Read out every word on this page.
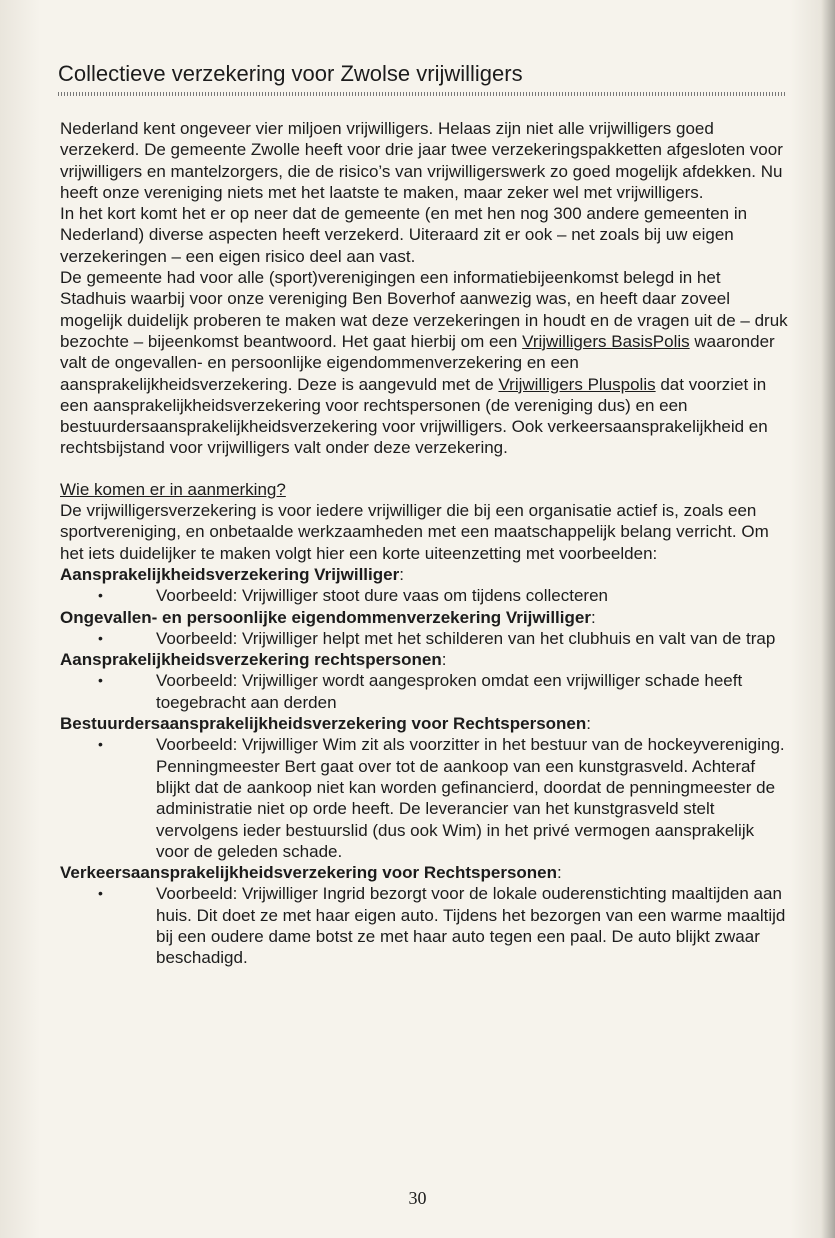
Collectieve verzekering voor Zwolse vrijwilligers

Nederland kent ongeveer vier miljoen vrijwilligers. Helaas zijn niet alle vrijwilligers goed verzekerd. De gemeente Zwolle heeft voor drie jaar twee verzekeringspakketten afgesloten voor vrijwilligers en mantelzorgers, die de risico’s van vrijwilligerswerk zo goed mogelijk afdekken. Nu heeft onze vereniging niets met het laatste te maken, maar zeker wel met vrijwilligers.

In het kort komt het er op neer dat de gemeente (en met hen nog 300 andere gemeenten in Nederland) diverse aspecten heeft verzekerd. Uiteraard zit er ook – net zoals bij uw eigen verzekeringen – een eigen risico deel aan vast.

De gemeente had voor alle (sport)verenigingen een informatiebijeenkomst belegd in het Stadhuis waarbij voor onze vereniging Ben Boverhof aanwezig was, en heeft daar zoveel mogelijk duidelijk proberen te maken wat deze verzekeringen in houdt en de vragen uit de – druk bezochte – bijeenkomst beantwoord. Het gaat hierbij om een Vrijwilligers BasisPolis waaronder valt de ongevallen- en persoonlijke eigendommenverzekering en een aansprakelijkheidsverzekering. Deze is aangevuld met de Vrijwilligers Pluspolis dat voorziet in een aansprakelijkheidsverzekering voor rechtspersonen (de vereniging dus) en een bestuurdersaansprakelijkheidsverzekering voor vrijwilligers. Ook verkeersaansprakelijkheid en rechtsbijstand voor vrijwilligers valt onder deze verzekering.

Wie komen er in aanmerking?

De vrijwilligersverzekering is voor iedere vrijwilliger die bij een organisatie actief is, zoals een sportvereniging, en onbetaalde werkzaamheden met een maatschappelijk belang verricht. Om het iets duidelijker te maken volgt hier een korte uiteenzetting met voorbeelden:

Aansprakelijkheidsverzekering Vrijwilliger:

•	Voorbeeld: Vrijwilliger stoot dure vaas om tijdens collecteren

Ongevallen- en persoonlijke eigendommenverzekering Vrijwilliger:

•	Voorbeeld: Vrijwilliger helpt met het schilderen van het clubhuis en valt van de trap

Aansprakelijkheidsverzekering rechtspersonen:

•	Voorbeeld: Vrijwilliger wordt aangesproken omdat een vrijwilliger schade heeft toegebracht aan derden

Bestuurdersaansprakelijkheidsverzekering voor Rechtspersonen:

•	Voorbeeld: Vrijwilliger Wim zit als voorzitter in het bestuur van de hockeyvereniging. Penningmeester Bert gaat over tot de aankoop van een kunstgrasveld. Achteraf blijkt dat de aankoop niet kan worden gefinancierd, doordat de penningmeester de administratie niet op orde heeft. De leverancier van het kunstgrasveld stelt vervolgens ieder bestuurslid (dus ook Wim) in het privé vermogen aansprakelijk voor de geleden schade.

Verkeersaansprakelijkheidsverzekering voor Rechtspersonen:

•	Voorbeeld: Vrijwilliger Ingrid bezorgt voor de lokale ouderenstichting maaltijden aan huis. Dit doet ze met haar eigen auto. Tijdens het bezorgen van een warme maaltijd bij een oudere dame botst ze met haar auto tegen een paal. De auto blijkt zwaar beschadigd.

30
